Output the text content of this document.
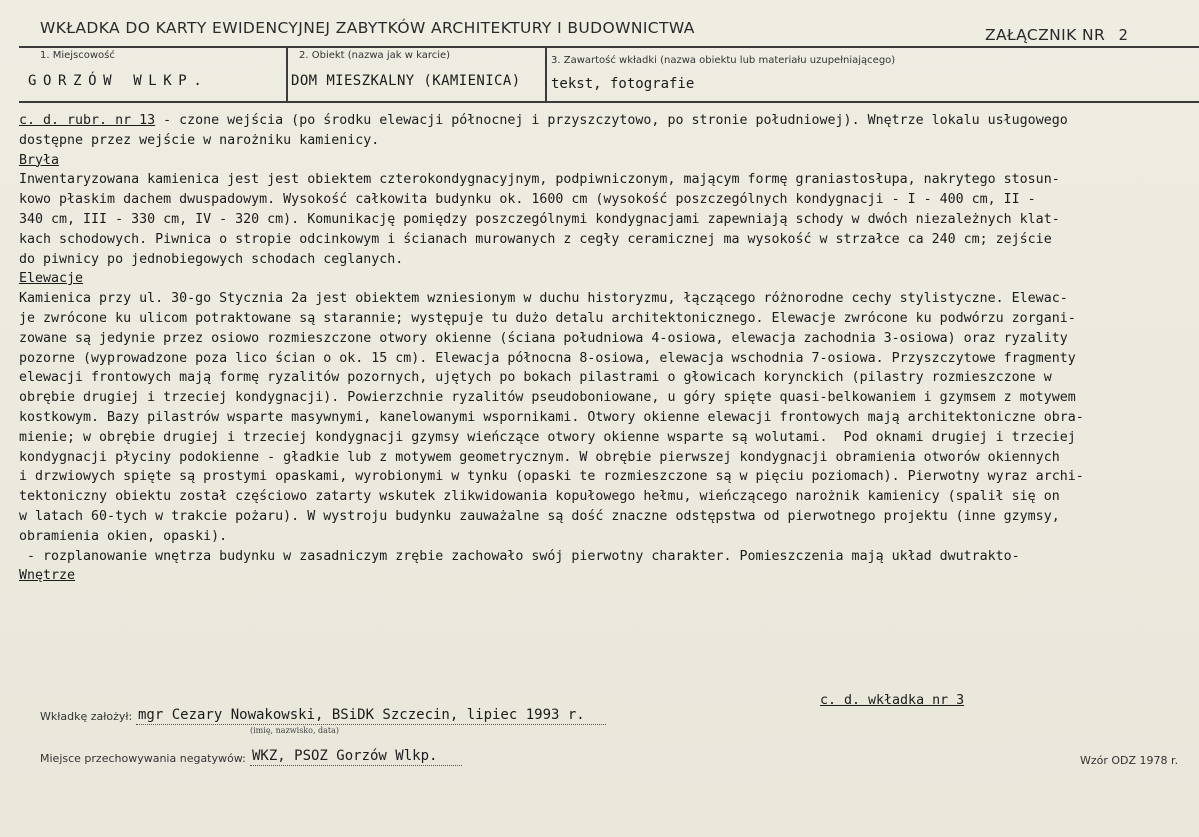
WKŁADKA DO KARTY EWIDENCYJNEJ ZABYTKÓW ARCHITEKTURY I BUDOWNICTWA	ZAŁĄCZNIK NR 2
1. Miejscowość
GORZÓW WLKP.
2. Obiekt (nazwa jak w karcie)
DOM MIESZKALNY (KAMIENICA)
3. Zawartość wkładki (nazwa obiektu lub materiału uzupełniającego)
tekst, fotografie
c. d. rubr. nr 13 - czone wejścia (po środku elewacji północnej i przyszczytowo, po stronie południowej). Wnętrze lokalu usługowego
dostępne przez wejście w narożniku kamienicy.
Bryła
Inwentaryzowana kamienica jest jest obiektem czterokondygnacyjnym, podpiwniczonym, mającym formę graniastosłupa, nakrytego stosun-
kowo płaskim dachem dwuspadowym. Wysokość całkowita budynku ok. 1600 cm (wysokość poszczególnych kondygnacji - I - 400 cm, II -
340 cm, III - 330 cm, IV - 320 cm). Komunikację pomiędzy poszczególnymi kondygnacjami zapewniają schody w dwóch niezależnych klat-
kach schodowych. Piwnica o stropie odcinkowym i ścianach murowanych z cegły ceramicznej ma wysokość w strzałce ca 240 cm; zejście
do piwnicy po jednobiegowych schodach ceglanych.
Elewacje
Kamienica przy ul. 30-go Stycznia 2a jest obiektem wzniesionym w duchu historyzmu, łączącego różnorodne cechy stylistyczne. Elewac-
je zwrócone ku ulicom potraktowane są starannie; występuje tu dużo detalu architektonicznego. Elewacje zwrócone ku podwórzu zorgani-
zowane są jedynie przez osiowo rozmieszczone otwory okienne (ściana południowa 4-osiowa, elewacja zachodnia 3-osiowa) oraz ryzality
pozorne (wyprowadzone poza lico ścian o ok. 15 cm). Elewacja północna 8-osiowa, elewacja wschodnia 7-osiowa. Przyszczytowe fragmenty
elewacji frontowych mają formę ryzalitów pozornych, ujętych po bokach pilastrami o głowicach korynckich (pilastry rozmieszczone w
obrębie drugiej i trzeciej kondygnacji). Powierzchnie ryzalitów pseudoboniowane, u góry spięte quasi-belkowaniem i gzymsem z motywem
kostkowym. Bazy pilastrów wsparte masywnymi, kanelowanymi wspornikami. Otwory okienne elewacji frontowych mają architektoniczne obra-
mienie; w obrębie drugiej i trzeciej kondygnacji gzymsy wieńczące otwory okienne wsparte są wolutami.  Pod oknami drugiej i trzeciej
kondygnacji płyciny podokienne - gładkie lub z motywem geometrycznym. W obrębie pierwszej kondygnacji obramienia otworów okiennych
i drzwiowych spięte są prostymi opaskami, wyrobionymi w tynku (opaski te rozmieszczone są w pięciu poziomach). Pierwotny wyraz archi-
tektoniczny obiektu został częściowo zatarty wskutek zlikwidowania kopułowego hełmu, wieńczącego narożnik kamienicy (spalił się on
w latach 60-tych w trakcie pożaru). W wystroju budynku zauważalne są dość znaczne odstępstwa od pierwotnego projektu (inne gzymsy,
obramienia okien, opaski).
- rozplanowanie wnętrza budynku w zasadniczym zrębie zachowało swój pierwotny charakter. Pomieszczenia mają układ dwutrakto-
Wnętrze
c. d. wkładka nr 3
Wkładkę założył: mgr Cezary Nowakowski, BSiDK Szczecin, lipiec 1993 r.
(imię, nazwisko, data)
Miejsce przechowywania negatywów: WKZ, PSOZ Gorzów Wlkp.	Wzór ODZ 1978 r.
